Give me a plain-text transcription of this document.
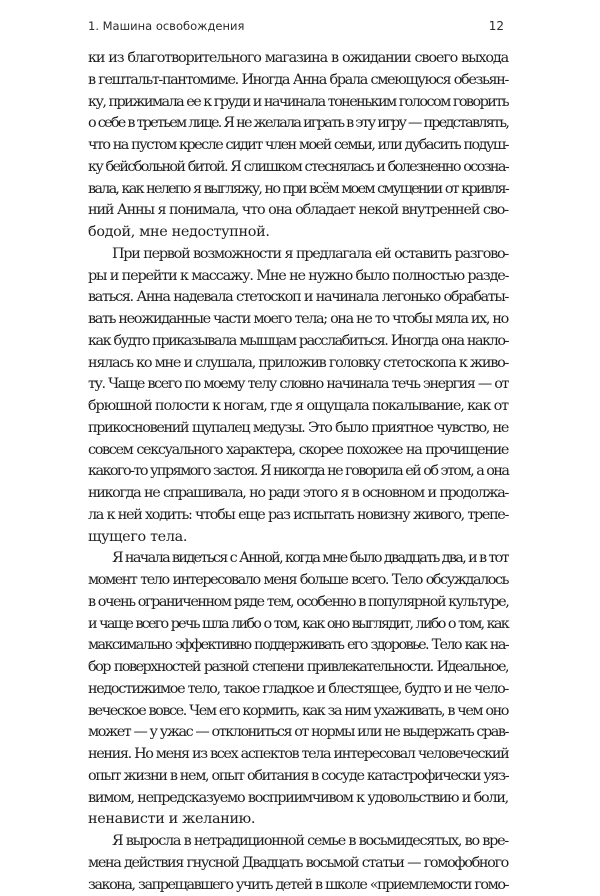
1. Машина освобождения	12
ки из благотворительного магазина в ожидании своего выхода
в гештальт-пантомиме. Иногда Анна брала смеющуюся обезьян-
ку, прижимала ее к груди и начинала тоненьким голосом говорить
о себе в третьем лице. Я не желала играть в эту игру — представлять,
что на пустом кресле сидит член моей семьи, или дубасить подуш-
ку бейсбольной битой. Я слишком стеснялась и болезненно осозна-
вала, как нелепо я выгляжу, но при всём моем смущении от кривля-
ний Анны я понимала, что она обладает некой внутренней сво-
бодой, мне недоступной.
При первой возможности я предлагала ей оставить разгово-
ры и перейти к массажу. Мне не нужно было полностью разде-
ваться. Анна надевала стетоскоп и начинала легонько обрабаты-
вать неожиданные части моего тела; она не то чтобы мяла их, но
как будто приказывала мышцам расслабиться. Иногда она накло-
нялась ко мне и слушала, приложив головку стетоскопа к живо-
ту. Чаще всего по моему телу словно начинала течь энергия — от
брюшной полости к ногам, где я ощущала покалывание, как от
прикосновений щупалец медузы. Это было приятное чувство, не
совсем сексуального характера, скорее похожее на прочищение
какого-то упрямого застоя. Я никогда не говорила ей об этом, а она
никогда не спрашивала, но ради этого я в основном и продолжа-
ла к ней ходить: чтобы еще раз испытать новизну живого, трепе-
щущего тела.
Я начала видеться с Анной, когда мне было двадцать два, и в тот
момент тело интересовало меня больше всего. Тело обсуждалось
в очень ограниченном ряде тем, особенно в популярной культуре,
и чаще всего речь шла либо о том, как оно выглядит, либо о том, как
максимально эффективно поддерживать его здоровье. Тело как на-
бор поверхностей разной степени привлекательности. Идеальное,
недостижимое тело, такое гладкое и блестящее, будто и не чело-
веческое вовсе. Чем его кормить, как за ним ухаживать, в чем оно
может — у ужас — отклониться от нормы или не выдержать срав-
нения. Но меня из всех аспектов тела интересовал человеческий
опыт жизни в нем, опыт обитания в сосуде катастрофически уяз-
вимом, непредсказуемо восприимчивом к удовольствию и боли,
ненависти и желанию.
Я выросла в нетрадиционной семье в восьмидесятых, во вре-
мена действия гнусной Двадцать восьмой статьи — гомофобного
закона, запрещавшего учить детей в школе «приемлемости гомо-
